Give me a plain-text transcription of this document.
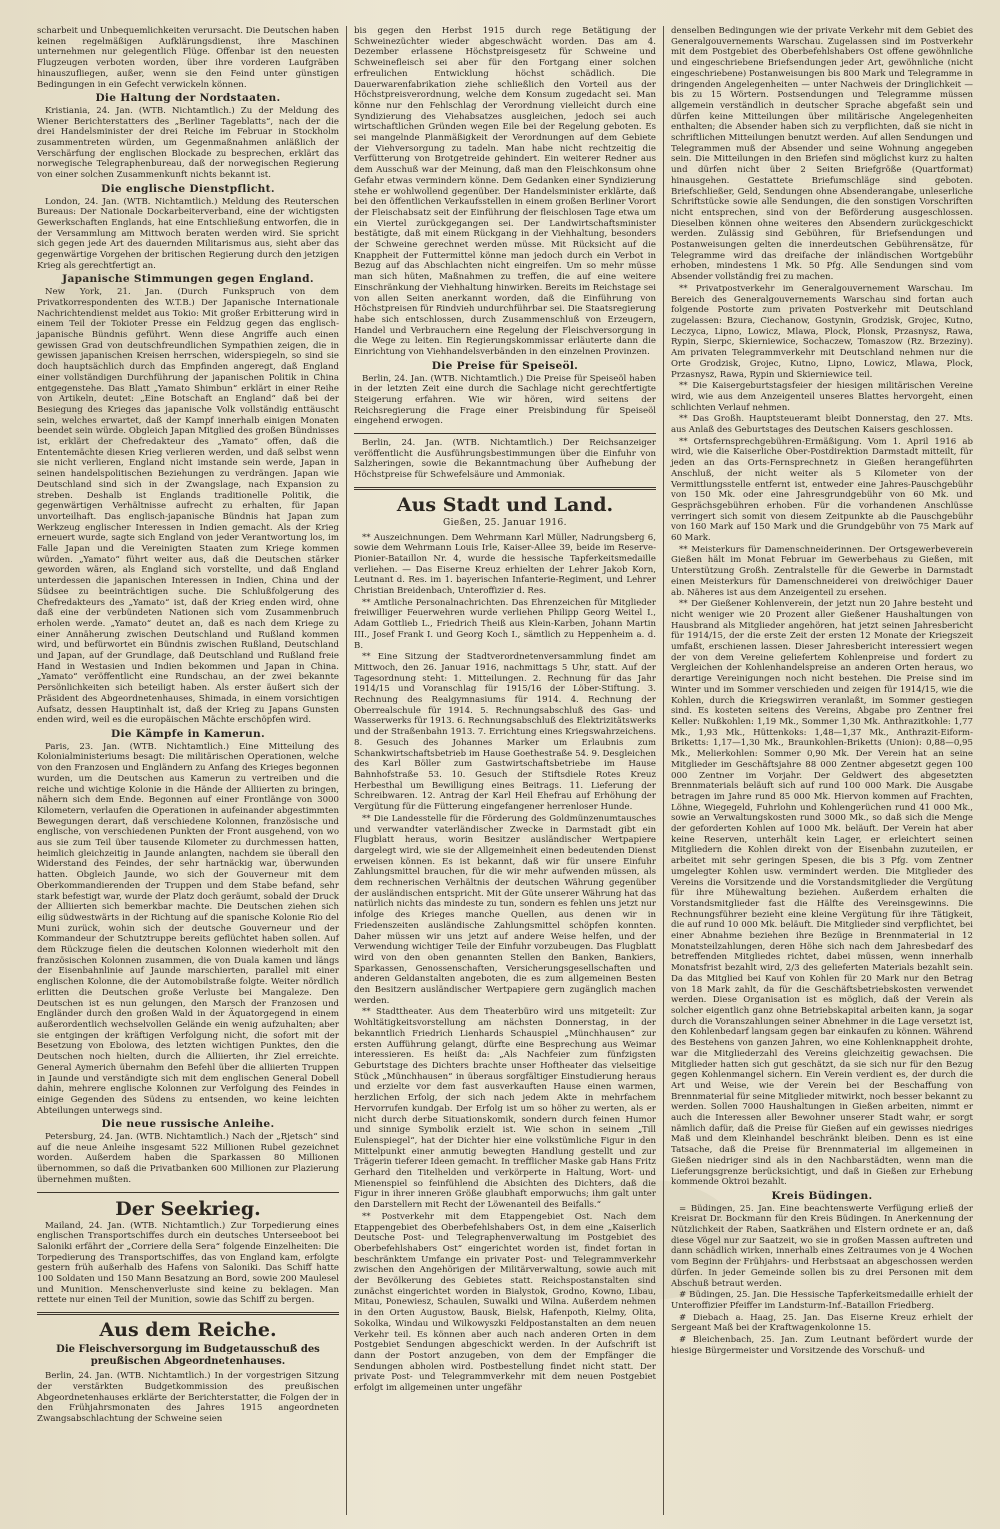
scharbeit und Unbequemlichkeiten verursacht. Die Deutschen haben keinen regelmäßigen Aufklärungsdienst, ihre Maschinen unternehmen nur gelegentlich Flüge. Offenbar ist den neuesten Flugzeugen verboten worden, über ihre vorderen Laufgräben hinauszufliegen, außer, wenn sie den Feind unter günstigen Bedingungen in ein Gefecht verwickeln können.

Die Haltung der Nordstaaten.

Kristiania, 24. Jan. (WTB. Nichtamtlich.) Zu der Meldung des Wiener Berichterstatters des „Berliner Tageblatts“, nach der die drei Handelsminister der drei Reiche im Februar in Stockholm zusammentreten würden, um Gegenmaßnahmen anläßlich der Verschärfung der englischen Blockade zu besprechen, erklärt das norwegische Telegraphenbureau, daß der norwegischen Regierung von einer solchen Zusammenkunft nichts bekannt ist.

Die englische Dienstpflicht.

London, 24. Jan. (WTB. Nichtamtlich.) Meldung des Reuterschen Bureaus: Der Nationale Dockarbeiterverband, eine der wichtigsten Gewerkschaften Englands, hat eine Entschließung entworfen, die in der Versammlung am Mittwoch beraten werden wird. Sie spricht sich gegen jede Art des dauernden Militarismus aus, sieht aber das gegenwärtige Vorgehen der britischen Regierung durch den jetzigen Krieg als gerechtfertigt an.

Japanische Stimmungen gegen England.

New York, 21. Jan. (Durch Funkspruch von dem Privatkorrespondenten des W.T.B.) Der Japanische Internationale Nachrichtendienst meldet aus Tokio: Mit großer Erbitterung wird in einem Teil der Tokioter Presse ein Feldzug gegen das englisch-japanische Bündnis geführt. Wenn diese Angriffe auch einen gewissen Grad von deutschfreundlichen Sympathien zeigen, die in gewissen japanischen Kreisen herrschen, widerspiegeln, so sind sie doch hauptsächlich durch das Empfinden angeregt, daß England einer vollständigen Durchführung der japanischen Politik in China entgegenstehe. Das Blatt „Yamato Shimbun“ erklärt in einer Reihe von Artikeln, deutet: „Eine Botschaft an England“ daß bei der Besiegung des Krieges das japanische Volk vollständig enttäuscht sein, welches erwartet, daß der Kampf innerhalb einigen Monaten beendet sein würde. Obgleich Japan Mitglied des großen Bündnisses ist, erklärt der Chefredakteur des „Yamato“ offen, daß die Ententemächte diesen Krieg verlieren werden, und daß selbst wenn sie nicht verlieren, England nicht imstande sein werde, Japan in seinen handelspolitischen Beziehungen zu verdrängen. Japan wie Deutschland sind sich in der Zwangslage, nach Expansion zu streben. Deshalb ist Englands traditionelle Politik, die gegenwärtigen Verhältnisse aufrecht zu erhalten, für Japan unvorteilhaft. Das englisch-japanische Bündnis hat Japan zum Werkzeug englischer Interessen in Indien gemacht. Als der Krieg erneuert wurde, sagte sich England von jeder Verantwortung los, im Falle Japan und die Vereinigten Staaten zum Kriege kommen würden. „Yamato“ führt weiter aus, daß die Deutschen stärker geworden wären, als England sich vorstellte, und daß England unterdessen die japanischen Interessen in Indien, China und der Südsee zu beeinträchtigen suche. Die Schlußfolgerung des Chefredakteurs des „Yamato“ ist, daß der Krieg enden wird, ohne daß eine der verbündeten Nationen sich vom Zusammenbruch erholen werde. „Yamato“ deutet an, daß es nach dem Kriege zu einer Annäherung zwischen Deutschland und Rußland kommen wird, und befürwortet ein Bündnis zwischen Rußland, Deutschland und Japan, auf der Grundlage, daß Deutschland und Rußland freie Hand in Westasien und Indien bekommen und Japan in China. „Yamato“ veröffentlicht eine Rundschau, an der zwei bekannte Persönlichkeiten sich beteiligt haben. Als erster äußert sich der Präsident des Abgeordnetenhauses, Shimada, in einem vorsichtigen Aufsatz, dessen Hauptinhalt ist, daß der Krieg zu Japans Gunsten enden wird, weil es die europäischen Mächte erschöpfen wird.

Die Kämpfe in Kamerun.

Paris, 23. Jan. (WTB. Nichtamtlich.) Eine Mitteilung des Kolonialministeriums besagt: Die militärischen Operationen, welche von den Franzosen und Engländern zu Anfang des Krieges begonnen wurden, um die Deutschen aus Kamerun zu vertreiben und die reiche und wichtige Kolonie in die Hände der Alliierten zu bringen, nähern sich dem Ende. Begonnen auf einer Frontlänge von 3000 Kilometern, verlaufen die Operationen in aufeinander abgestimmten Bewegungen derart, daß verschiedene Kolonnen, französische und englische, von verschiedenen Punkten der Front ausgehend, von wo aus sie zum Teil über tausende Kilometer zu durchmessen hatten, heimlich gleichzeitig in Jaunde anlangten, nachdem sie überall den Widerstand des Feindes, der sehr hartnäckig war, überwunden hatten. Obgleich Jaunde, wo sich der Gouverneur mit dem Oberkommandierenden der Truppen und dem Stabe befand, sehr stark befestigt war, wurde der Platz doch geräumt, sobald der Druck der Alliierten sich bemerkbar machte. Die Deutschen ziehen sich eilig südwestwärts in der Richtung auf die spanische Kolonie Rio del Muni zurück, wohin sich der deutsche Gouverneur und der Kommandeur der Schutztruppe bereits geflüchtet haben sollen. Auf dem Rückzuge fielen die deutschen Kolonnen wiederholt mit den französischen Kolonnen zusammen, die von Duala kamen und längs der Eisenbahnlinie auf Jaunde marschierten, parallel mit einer englischen Kolonne, die der Automobilstraße folgte. Weiter nördlich erlitten die Deutschen große Verluste bei Mangaleze. Den Deutschen ist es nun gelungen, den Marsch der Franzosen und Engländer durch den großen Wald in der Äquatorgegend in einem außerordentlich wechselvollen Gelände ein wenig aufzuhalten; aber sie entgingen der kräftigen Verfolgung nicht, die sofort mit der Besetzung von Ebolowa, des letzten wichtigen Punktes, den die Deutschen noch hielten, durch die Alliierten, ihr Ziel erreichte. General Aymerich übernahm den Befehl über die alliierten Truppen in Jaunde und verständigte sich mit dem englischen General Dobell dahin, mehrere englische Kolonnen zur Verfolgung des Feindes in einige Gegenden des Südens zu entsenden, wo keine leichten Abteilungen unterwegs sind.

Die neue russische Anleihe.

Petersburg, 24. Jan. (WTB. Nichtamtlich.) Nach der „Rjetsch“ sind auf die neue Anleihe insgesamt 522 Millionen Rubel gezeichnet worden. Außerdem haben die Sparkassen 80 Millionen übernommen, so daß die Privatbanken 600 Millionen zur Plazierung übernehmen mußten.

Der Seekrieg.

Mailand, 24. Jan. (WTB. Nichtamtlich.) Zur Torpedierung eines englischen Transportschiffes durch ein deutsches Unterseeboot bei Saloniki erfährt der „Corriere della Sera“ folgende Einzelheiten: Die Torpedierung des Transportschiffes, das von England kam, erfolgte gestern früh außerhalb des Hafens von Saloniki. Das Schiff hatte 100 Soldaten und 150 Mann Besatzung an Bord, sowie 200 Maulesel und Munition. Menschenverluste sind keine zu beklagen. Man rettete nur einen Teil der Munition, sowie das Schiff zu bergen.

Aus dem Reiche.
Die Fleischversorgung im Budgetausschuß des preußischen Abgeordnetenhauses.

Berlin, 24. Jan. (WTB. Nichtamtlich.) In der vorgestrigen Sitzung der verstärkten Budgetkommission des preußischen Abgeordnetenhauses erklärte der Berichterstatter, die Folgen der in den Frühjahrsmonaten des Jahres 1915 angeordneten Zwangsabschlachtung der Schweine seien

bis gegen den Herbst 1915 durch rege Betätigung der Schweinezüchter wieder abgeschwächt worden. Das am 4. Dezember erlassene Höchstpreisgesetz für Schweine und Schweinefleisch sei aber für den Fortgang einer solchen erfreulichen Entwicklung höchst schädlich. Die Dauerwarenfabrikation ziehe schließlich den Vorteil aus der Höchstpreisverordnung, welche dem Konsum zugedacht sei. Man könne nur den Fehlschlag der Verordnung vielleicht durch eine Syndizierung des Viehabsatzes ausgleichen, jedoch sei auch wirtschaftlichen Gründen wegen Eile bei der Regelung geboten. Es sei mangelnde Planmäßigkeit der Verordnungen auf dem Gebiete der Viehversorgung zu tadeln. Man habe nicht rechtzeitig die Verfütterung von Brotgetreide gehindert. Ein weiterer Redner aus dem Ausschuß war der Meinung, daß man den Fleischkonsum ohne Gefahr etwas vermindern könne. Dem Gedanken einer Syndizierung stehe er wohlwollend gegenüber. Der Handelsminister erklärte, daß bei den öffentlichen Verkaufsstellen in einem großen Berliner Vorort der Fleischabsatz seit der Einführung der fleischlosen Tage etwa um ein Viertel zurückgegangen sei. Der Landwirtschaftsminister bestätigte, daß mit einem Rückgang in der Viehhaltung, besonders der Schweine gerechnet werden müsse. Mit Rücksicht auf die Knappheit der Futtermittel könne man jedoch durch ein Verbot in Bezug auf das Abschlachten nicht eingreifen. Um so mehr müsse man sich hüten, Maßnahmen zu treffen, die auf eine weitere Einschränkung der Viehhaltung hinwirken. Bereits im Reichstage sei von allen Seiten anerkannt worden, daß die Einführung von Höchstpreisen für Rindvieh undurchführbar sei. Die Staatsregierung habe sich entschlossen, durch Zusammenschluß von Erzeugern, Handel und Verbrauchern eine Regelung der Fleischversorgung in die Wege zu leiten. Ein Regierungskommissar erläuterte dann die Einrichtung von Viehhandelsverbänden in den einzelnen Provinzen.

Die Preise für Speiseöl.

Berlin, 24. Jan. (WTB. Nichtamtlich.) Die Preise für Speiseöl haben in der letzten Zeit eine durch die Sachlage nicht gerechtfertigte Steigerung erfahren. Wie wir hören, wird seitens der Reichsregierung die Frage einer Preisbindung für Speiseöl eingehend erwogen.

Berlin, 24. Jan. (WTB. Nichtamtlich.) Der Reichsanzeiger veröffentlicht die Ausführungsbestimmungen über die Einfuhr von Salzheringen, sowie die Bekanntmachung über Aufhebung der Höchstpreise für Schwefelsäure und Ammoniak.

Aus Stadt und Land.
Gießen, 25. Januar 1916.

** Auszeichnungen. Dem Wehrmann Karl Müller, Nadrungsberg 6, sowie dem Wehrmann Louis Irle, Kaiser-Allee 39, beide im Reserve-Pionier-Bataillon Nr. 4, wurde die hessische Tapferkeitsmedaille verliehen. — Das Eiserne Kreuz erhielten der Lehrer Jakob Korn, Leutnant d. Res. im 1. bayerischen Infanterie-Regiment, und Lehrer Christian Breidenbach, Unteroffizier d. Res.

** Amtliche Personalnachrichten. Das Ehrenzeichen für Mitglieder freiwilliger Feuerwehren wurde verliehen Philipp Georg Weitel I., Adam Gottlieb L., Friedrich Theiß aus Klein-Karben, Johann Martin III., Josef Frank I. und Georg Koch I., sämtlich zu Heppenheim a. d. B.

** Eine Sitzung der Stadtverordnetenversammlung findet am Mittwoch, den 26. Januar 1916, nachmittags 5 Uhr, statt. Auf der Tagesordnung steht: 1. Mitteilungen. 2. Rechnung für das Jahr 1914/15 und Voranschlag für 1915/16 der Löber-Stiftung. 3. Rechnung des Realgymnasiums für 1914. 4. Rechnung der Oberrealschule für 1914. 5. Rechnungsabschluß des Gas- und Wasserwerks für 1913. 6. Rechnungsabschluß des Elektrizitätswerks und der Straßenbahn 1913. 7. Errichtung eines Kriegswahrzeichens. 8. Gesuch des Johannes Marker um Erlaubnis zum Schankwirtschaftsbetrieb im Hause Goethestraße 54. 9. Desgleichen des Karl Böller zum Gastwirtschaftsbetriebe im Hause Bahnhofstraße 53. 10. Gesuch der Stiftsdiele Rotes Kreuz Herbesthal um Bewilligung eines Beitrags. 11. Lieferung der Schreibwaren. 12. Antrag der Karl Heil Ehefrau auf Erhöhung der Vergütung für die Fütterung eingefangener herrenloser Hunde.

** Die Landesstelle für die Förderung des Goldmünzenumtausches und verwandter vaterländischer Zwecke in Darmstadt gibt ein Flugblatt heraus, worin Besitzer ausländischer Wertpapiere dargelegt wird, wie sie der Allgemeinheit einen bedeutenden Dienst erweisen können. Es ist bekannt, daß wir für unsere Einfuhr Zahlungsmittel brauchen, für die wir mehr aufwenden müssen, als dem rechnerischen Verhältnis der deutschen Währung gegenüber der ausländischen entspricht. Mit der Güte unserer Währung hat das natürlich nichts das mindeste zu tun, sondern es fehlen uns jetzt nur infolge des Krieges manche Quellen, aus denen wir in Friedenszeiten ausländische Zahlungsmittel schöpfen konnten. Daher müssen wir uns jetzt auf andere Weise helfen, und der Verwendung wichtiger Teile der Einfuhr vorzubeugen. Das Flugblatt wird von den oben genannten Stellen den Banken, Bankiers, Sparkassen, Genossenschaften, Versicherungsgesellschaften und anderen Geldanstalten angeboten, die es zum allgemeinen Besten den Besitzern ausländischer Wertpapiere gern zugänglich machen werden.

** Stadttheater. Aus dem Theaterbüro wird uns mitgeteilt: Zur Wohltätigkeitsvorstellung am nächsten Donnerstag, in der bekanntlich Friedrich Lienhards Schauspiel „Münchhausen“ zur ersten Aufführung gelangt, dürfte eine Besprechung aus Weimar interessieren. Es heißt da: „Als Nachfeier zum fünfzigsten Geburtstage des Dichters brachte unser Hoftheater das vielseitige Stück „Münchhausen“ in überaus sorgfältiger Einstudierung heraus und erzielte vor dem fast ausverkauften Hause einen warmen, herzlichen Erfolg, der sich nach jedem Akte in mehrfachem Hervorrufen kundgab. Der Erfolg ist um so höher zu werten, als er nicht durch derbe Situationskomik, sondern durch feinen Humor und sinnige Symbolik erzielt ist. Wie schon in seinem „Till Eulenspiegel“, hat der Dichter hier eine volkstümliche Figur in den Mittelpunkt einer anmutig bewegten Handlung gestellt und zur Trägerin tieferer Ideen gemacht. In trefflicher Maske gab Hans Fritz Gerhard den Titelhelden und verkörperte in Haltung, Wort- und Mienenspiel so feinfühlend die Absichten des Dichters, daß die Figur in ihrer inneren Größe glaubhaft emporwuchs; ihm galt unter den Darstellern mit Recht der Löwenanteil des Beifalls.“

** Postverkehr mit dem Etappengebiet Ost. Nach dem Etappengebiet des Oberbefehlshabers Ost, in dem eine „Kaiserlich Deutsche Post- und Telegraphenverwaltung im Postgebiet des Oberbefehlshabers Ost“ eingerichtet worden ist, findet fortan in beschränktem Umfange ein privater Post- und Telegrammverkehr zwischen den Angehörigen der Militärverwaltung, sowie auch mit der Bevölkerung des Gebietes statt. Reichspostanstalten sind zunächst eingerichtet worden in Bialystok, Grodno, Kowno, Libau, Mitau, Ponewiesz, Schaulen, Suwalki und Wilna. Außerdem nehmen in den Orten Augustow, Bausk, Bielsk, Hafenpoth, Kielmy, Olita, Sokolka, Windau und Wilkowyszki Feldpostanstalten an dem neuen Verkehr teil. Es können aber auch nach anderen Orten in dem Postgebiet Sendungen abgeschickt werden. In der Aufschrift ist dann der Postort anzugeben, von dem der Empfänger die Sendungen abholen wird. Postbestellung findet nicht statt. Der private Post- und Telegrammverkehr mit dem neuen Postgebiet erfolgt im allgemeinen unter ungefähr

denselben Bedingungen wie der private Verkehr mit dem Gebiet des Generalgouvernements Warschau. Zugelassen sind im Postverkehr mit dem Postgebiet des Oberbefehlshabers Ost offene gewöhnliche und eingeschriebene Briefsendungen jeder Art, gewöhnliche (nicht eingeschriebene) Postanweisungen bis 800 Mark und Telegramme in dringenden Angelegenheiten — unter Nachweis der Dringlichkeit — bis zu 15 Wörtern. Postsendungen und Telegramme müssen allgemein verständlich in deutscher Sprache abgefaßt sein und dürfen keine Mitteilungen über militärische Angelegenheiten enthalten; die Absender haben sich zu verpflichten, daß sie nicht in schriftlichen Mitteilungen benutzt werden. Auf allen Sendungen und Telegrammen muß der Absender und seine Wohnung angegeben sein. Die Mitteilungen in den Briefen sind möglichst kurz zu halten und dürfen nicht über 2 Seiten Briefgröße (Quartformat) hinausgehen. Gestattete Briefumschläge sind geboten. Briefschließer, Geld, Sendungen ohne Absenderangabe, unleserliche Schriftstücke sowie alle Sendungen, die den sonstigen Vorschriften nicht entsprechen, sind von der Beförderung ausgeschlossen. Dieselben können ohne weiteres den Absendern zurückgeschickt werden. Zulässig sind Gebühren, für Briefsendungen und Postanweisungen gelten die innerdeutschen Gebührensätze, für Telegramme wird das dreifache der inländischen Wortgebühr erhoben, mindestens 1 Mk. 50 Pfg. Alle Sendungen sind vom Absender vollständig frei zu machen.

** Privatpostverkehr im Generalgouvernement Warschau. Im Bereich des Generalgouvernements Warschau sind fortan auch folgende Postorte zum privaten Postverkehr mit Deutschland zugelassen: Bzura, Ciechanow, Gostynin, Grodzisk, Grojec, Kutno, Leczyca, Lipno, Lowicz, Mlawa, Plock, Plonsk, Przasnysz, Rawa, Rypin, Sierpc, Skierniewice, Sochaczew, Tomaszow (Rz. Brzeziny). Am privaten Telegrammverkehr mit Deutschland nehmen nur die Orte Grodzisk, Grojec, Kutno, Lipno, Lowicz, Mlawa, Plock, Przasnysz, Rawa, Rypin und Skierniewice teil.

** Die Kaisergeburtstagsfeier der hiesigen militärischen Vereine wird, wie aus dem Anzeigenteil unseres Blattes hervorgeht, einen schlichten Verlauf nehmen.

** Das Großh. Hauptsteueramt bleibt Donnerstag, den 27. Mts. aus Anlaß des Geburtstages des Deutschen Kaisers geschlossen.

** Ortsfernsprechgebühren-Ermäßigung. Vom 1. April 1916 ab wird, wie die Kaiserliche Ober-Postdirektion Darmstadt mitteilt, für jeden an das Orts-Fernsprechnetz in Gießen herangeführten Anschluß, der nicht weiter als 5 Kilometer von der Vermittlungsstelle entfernt ist, entweder eine Jahres-Pauschgebühr von 150 Mk. oder eine Jahresgrundgebühr von 60 Mk. und Gesprächsgebühren erhoben. Für die vorhandenen Anschlüsse verringert sich somit von diesem Zeitpunkte ab die Pauschgebühr von 160 Mark auf 150 Mark und die Grundgebühr von 75 Mark auf 60 Mark.

** Meisterkurs für Damenschneiderinnen. Der Ortsgewerbeverein Gießen hält im Monat Februar im Gewerbehaus zu Gießen, mit Unterstützung Großh. Zentralstelle für die Gewerbe in Darmstadt einen Meisterkurs für Damenschneiderei von dreiwöchiger Dauer ab. Näheres ist aus dem Anzeigenteil zu ersehen.

** Der Gießener Kohlenverein, der jetzt nun 20 Jahre besteht und nicht weniger wie 20 Prozent aller Gießener Haushaltungen von Hausbrand als Mitglieder angehören, hat jetzt seinen Jahresbericht für 1914/15, der die erste Zeit der ersten 12 Monate der Kriegszeit umfaßt, erschienen lassen. Dieser Jahresbericht interessiert wegen der von dem Vereine geliefertem Kohlenpreise und fordert zu Vergleichen der Kohlenhandelspreise an anderen Orten heraus, wo derartige Vereinigungen noch nicht bestehen. Die Preise sind im Winter und im Sommer verschieden und zeigen für 1914/15, wie die Kohlen, durch die Kriegswirren veranlaßt, im Sommer gestiegen sind. Es kosteten seitens des Vereins, Abgabe pro Zentner frei Keller: Nußkohlen: 1,19 Mk., Sommer 1,30 Mk. Anthrazitkohle: 1,77 Mk., 1,93 Mk., Hüttenkoks: 1,48—1,37 Mk., Anthrazit-Eiform-Briketts: 1,17—1,30 Mk., Braunkohlen-Briketts (Union): 0,88—0,95 Mk., Melierkohlen: Sommer 0,90 Mk. Der Verein hat an seine Mitglieder im Geschäftsjahre 88 000 Zentner abgesetzt gegen 100 000 Zentner im Vorjahr. Der Geldwert des abgesetzten Brennmaterials beläuft sich auf rund 100 000 Mark. Die Ausgabe betragen im Jahre rund 85 000 Mk. Hiervon kommen auf Frachten, Löhne, Wiegegeld, Fuhrlohn und Kohlengerüchen rund 41 000 Mk., sowie an Verwaltungskosten rund 3000 Mk., so daß sich die Menge der geforderten Kohlen auf 1000 Mk. beläuft. Der Verein hat aber keine Reserven, unterhält kein Lager, er erleichtert seinen Mitgliedern die Kohlen direkt von der Eisenbahn zuzuteilen, er arbeitet mit sehr geringen Spesen, die bis 3 Pfg. vom Zentner umgelegter Kohlen usw. vermindert werden. Die Mitglieder des Vereins die Vorsitzende und die Vorstandsmitglieder die Vergütung für ihre Mühewaltung beziehen. Außerdem erhalten die Vorstandsmitglieder fast die Hälfte des Vereinsgewinns. Die Rechnungsführer bezieht eine kleine Vergütung für ihre Tätigkeit, die auf rund 10 000 Mk. beläuft. Die Mitglieder sind verpflichtet, bei einer Abnahme beziehen ihre Bezüge in Brennmaterial in 12 Monatsteilzahlungen, deren Höhe sich nach dem Jahresbedarf des betreffenden Mitgliedes richtet, dabei müssen, wenn innerhalb Monatsfrist bezahlt wird, 2/3 des gelieferten Materials bezahlt sein. Da das Mitglied bei Kauf von Kohlen für 20 Mark nur den Betrag von 18 Mark zahlt, da für die Geschäftsbetriebskosten verwendet werden. Diese Organisation ist es möglich, daß der Verein als solcher eigentlich ganz ohne Betriebskapital arbeiten kann, ja sogar durch die Voranszahlungen seiner Abnehmer in die Lage versetzt ist, den Kohlenbedarf langsam gegen bar einkaufen zu können. Während des Bestehens von ganzen Jahren, wo eine Kohlenknappheit drohte, war die Mitgliederzahl des Vereins gleichzeitig gewachsen. Die Mitglieder hatten sich gut geschätzt, da sie sich nur für den Bezug gegen Kohlenmangel sichern. Ein Verein verdient es, der durch die Art und Weise, wie der Verein bei der Beschaffung von Brennmaterial für seine Mitglieder mitwirkt, noch besser bekannt zu werden. Sollen 7000 Haushaltungen in Gießen arbeiten, nimmt er auch die Interessen aller Bewohner unserer Stadt wahr, er sorgt nämlich dafür, daß die Preise für Gießen auf ein gewisses niedriges Maß und dem Kleinhandel beschränkt bleiben. Denn es ist eine Tatsache, daß die Preise für Brennmaterial im allgemeinen in Gießen niedriger sind als in den Nachbarstädten, wenn man die Lieferungsgrenze berücksichtigt, und daß in Gießen zur Erhebung kommende Oktroi bezahlt.

Kreis Büdingen.

= Büdingen, 25. Jan. Eine beachtenswerte Verfügung erließ der Kreisrat Dr. Bockmann für den Kreis Büdingen. In Anerkennung der Nützlichkeit der Raben, Saatkrähen und Elstern ordnete er an, daß diese Vögel nur zur Saatzeit, wo sie in großen Massen auftreten und dann schädlich wirken, innerhalb eines Zeitraumes von je 4 Wochen vom Beginn der Frühjahrs- und Herbstsaat an abgeschossen werden dürfen. In jeder Gemeinde sollen bis zu drei Personen mit dem Abschuß betraut werden.

# Büdingen, 25. Jan. Die Hessische Tapferkeitsmedaille erhielt der Unteroffizier Pfeiffer im Landsturm-Inf.-Bataillon Friedberg.

# Diebach a. Haag, 25. Jan. Das Eiserne Kreuz erhielt der Sergeant Maß bei der Kraftwagenkolonne 15.

# Bleichenbach, 25. Jan. Zum Leutnant befördert wurde der hiesige Bürgermeister und Vorsitzende des Vorschuß- und
